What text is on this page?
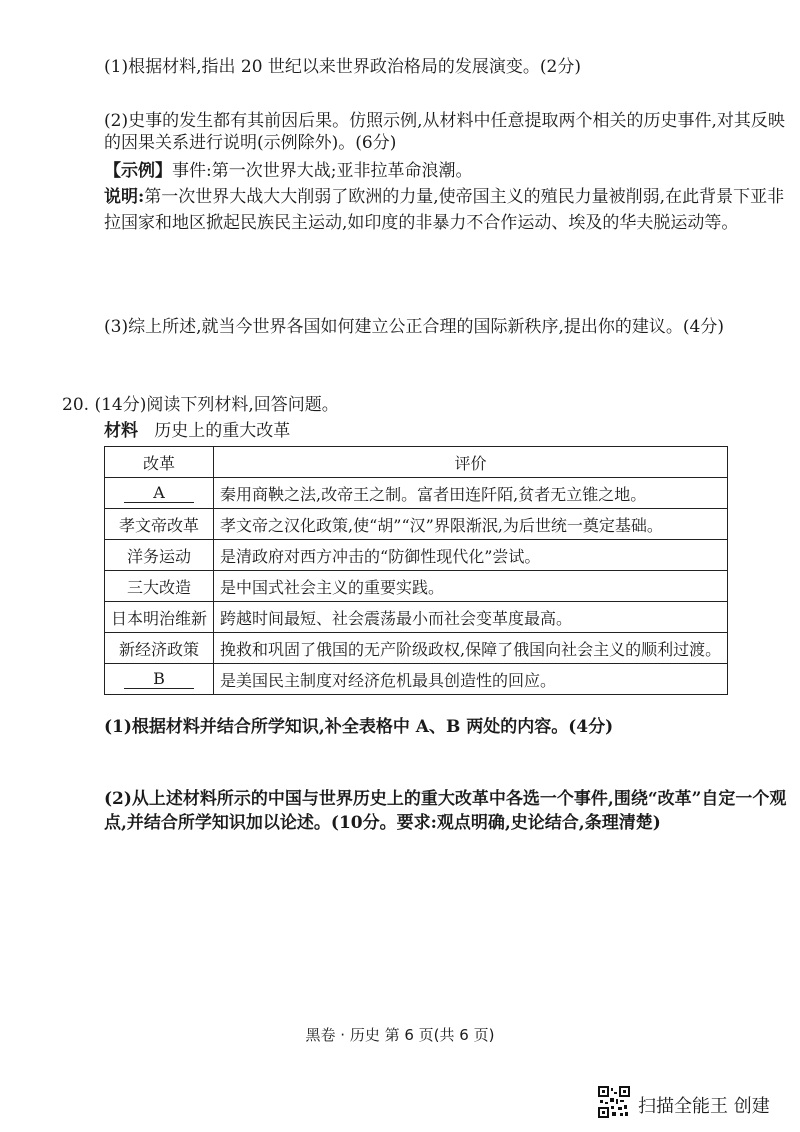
(1)根据材料,指出 20 世纪以来世界政治格局的发展演变。(2分)
(2)史事的发生都有其前因后果。仿照示例,从材料中任意提取两个相关的历史事件,对其反映
的因果关系进行说明(示例除外)。(6分)
【示例】事件:第一次世界大战;亚非拉革命浪潮。
说明:第一次世界大战大大削弱了欧洲的力量,使帝国主义的殖民力量被削弱,在此背景下亚非
拉国家和地区掀起民族民主运动,如印度的非暴力不合作运动、埃及的华夫脱运动等。
(3)综上所述,就当今世界各国如何建立公正合理的国际新秩序,提出你的建议。(4分)
20. (14分)阅读下列材料,回答问题。
材料 历史上的重大改革
改革	评价
A	秦用商鞅之法,改帝王之制。富者田连阡陌,贫者无立锥之地。
孝文帝改革	孝文帝之汉化政策,使“胡”“汉”界限渐泯,为后世统一奠定基础。
洋务运动	是清政府对西方冲击的“防御性现代化”尝试。
三大改造	是中国式社会主义的重要实践。
日本明治维新	跨越时间最短、社会震荡最小而社会变革度最高。
新经济政策	挽救和巩固了俄国的无产阶级政权,保障了俄国向社会主义的顺利过渡。
B	是美国民主制度对经济危机最具创造性的回应。
(1)根据材料并结合所学知识,补全表格中 A、B 两处的内容。(4分)
(2)从上述材料所示的中国与世界历史上的重大改革中各选一个事件,围绕“改革”自定一个观
点,并结合所学知识加以论述。(10分。要求:观点明确,史论结合,条理清楚)
黑卷 · 历史 第 6 页(共 6 页)
扫描全能王 创建
